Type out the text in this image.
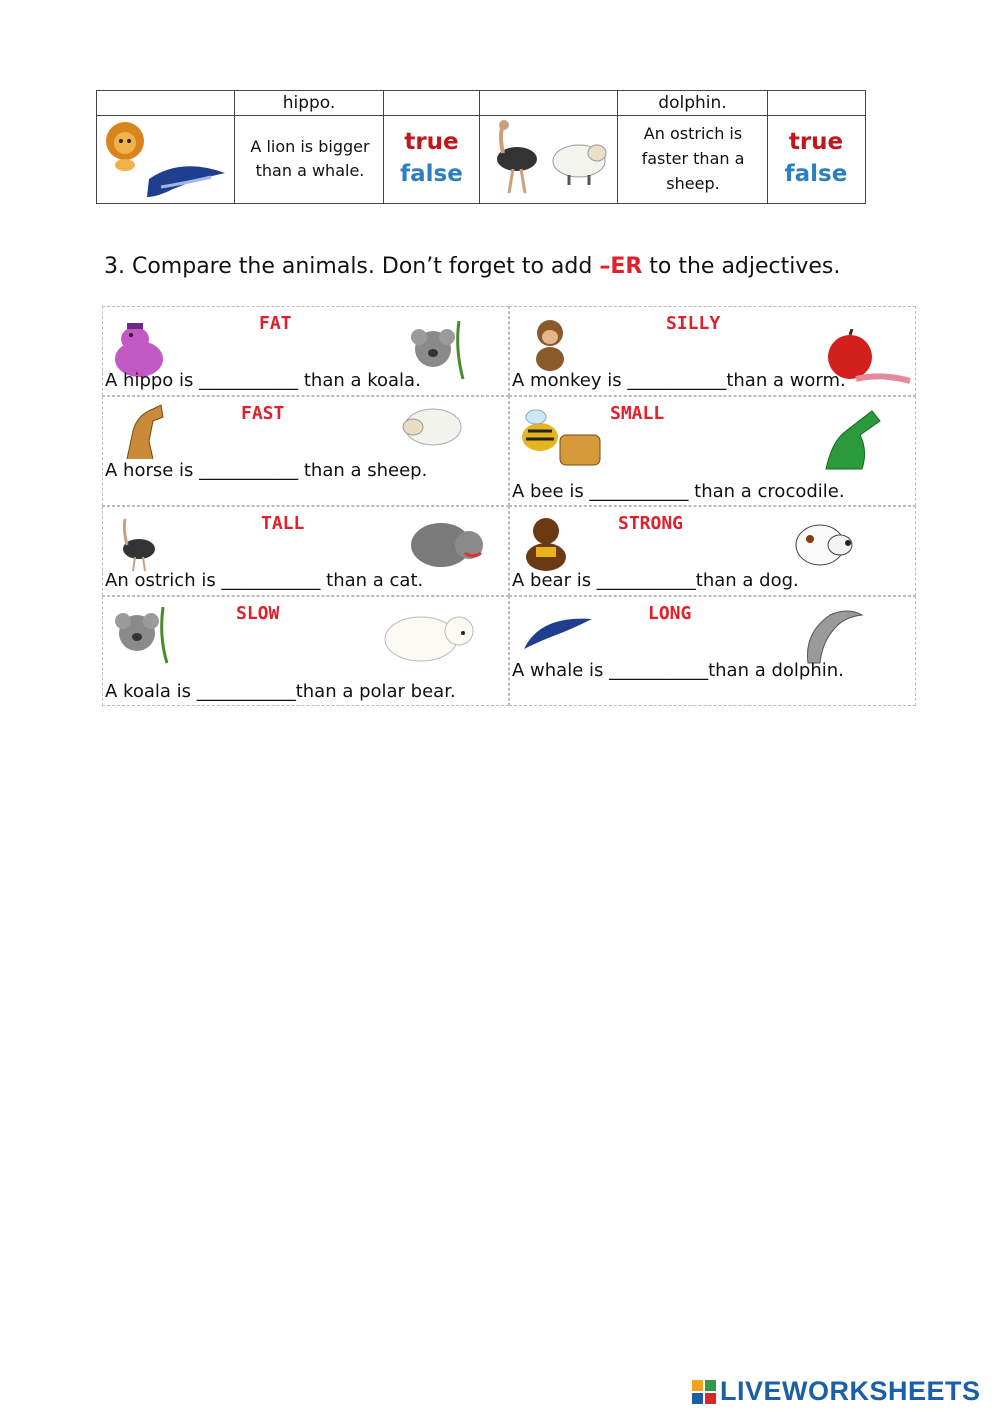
hippo.	dolphin.
A lion is bigger than a whale.
true
false
An ostrich is faster than a sheep.
true
false
3. Compare the animals. Don’t forget to add –ER to the adjectives.
FAT
A hippo is ___________ than a koala.
SILLY
A monkey is ___________than a worm.
FAST
A horse is ___________ than a sheep.
SMALL
A bee is ___________ than a crocodile.
TALL
An ostrich is ___________ than a cat.
STRONG
A bear is ___________than a dog.
SLOW
A koala is ___________than a polar bear.
LONG
A whale is ___________than a dolphin.
LIVEWORKSHEETS
